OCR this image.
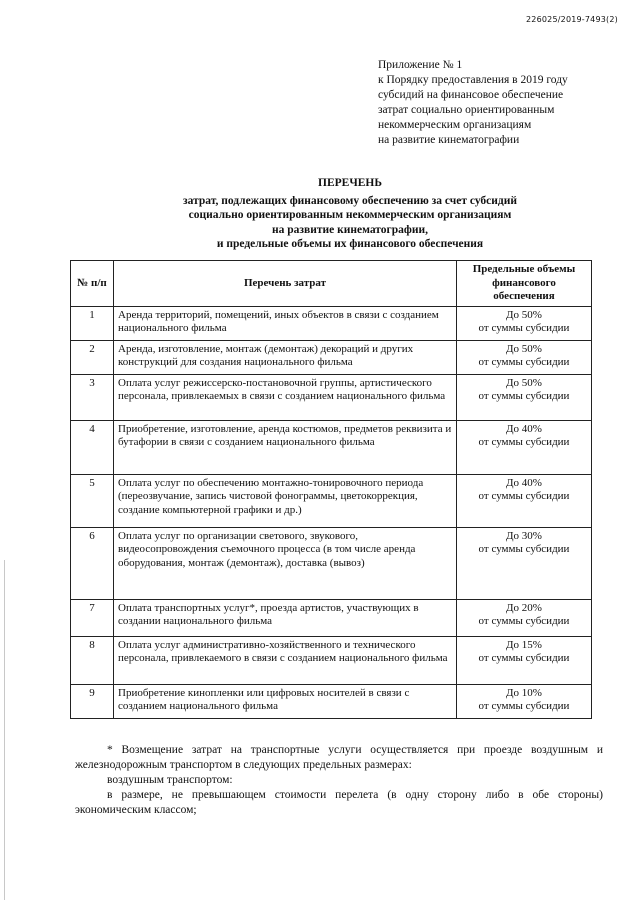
226025/2019-7493(2)
Приложение № 1
к Порядку предоставления в 2019 году
субсидий на финансовое обеспечение
затрат социально ориентированным
некоммерческим организациям
на развитие кинематографии
ПЕРЕЧЕНЬ
затрат, подлежащих финансовому обеспечению за счет субсидий
социально ориентированным некоммерческим организациям
на развитие кинематографии,
и предельные объемы их финансового обеспечения
№ п/п	Перечень затрат	Предельные объемы финансового обеспечения
1	Аренда территорий, помещений, иных объектов в связи с созданием национального фильма	До 50%
от суммы субсидии

2	Аренда, изготовление, монтаж (демонтаж) декораций и других конструкций для создания национального фильма	До 50%
от суммы субсидии

3	Оплата услуг режиссерско-постановочной группы, артистического персонала, привлекаемых в связи с созданием национального фильма	До 50%
от суммы субсидии

4	Приобретение, изготовление, аренда костюмов, предметов реквизита и бутафории в связи с созданием национального фильма	До 40%
от суммы субсидии

5	Оплата услуг по обеспечению монтажно-тонировочного периода (переозвучание, запись чистовой фонограммы, цветокоррекция, создание компьютерной графики и др.)	До 40%
от суммы субсидии

6	Оплата услуг по организации светового, звукового, видеосопровождения съемочного процесса (в том числе аренда оборудования, монтаж (демонтаж), доставка (вывоз)	До 30%
от суммы субсидии

7	Оплата транспортных услуг*, проезда артистов, участвующих в создании национального фильма	До 20%
от суммы субсидии

8	Оплата услуг административно-хозяйственного и технического персонала, привлекаемого в связи с созданием национального фильма	До 15%
от суммы субсидии

9	Приобретение кинопленки или цифровых носителей в связи с созданием национального фильма	До 10%
от суммы субсидии

* Возмещение затрат на транспортные услуги осуществляется при проезде воздушным и железнодорожным транспортом в следующих предельных размерах:

воздушным транспортом:

в размере, не превышающем стоимости перелета (в одну сторону либо в обе стороны) экономическим классом;
